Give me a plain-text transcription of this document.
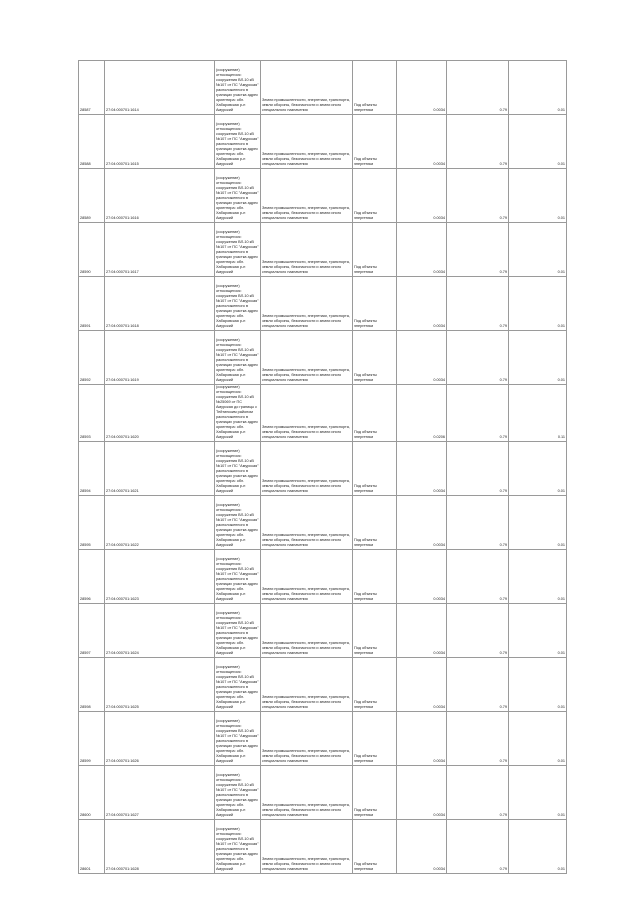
28587	27:04:000701:1614	(сооружение) относящегося: сооружения ВЛ-10 кВ №107 от ПС "Амурская" расположенного в границах участка адрес ориентира: обл. Хабаровская р-н Амурский	Земли промышленности, энергетики, транспорта, земли обороны, безопасности и земли иного специального назначения	Под объекты энергетики	0.0034	0.79	0.01
28588	27:04:000701:1615	(сооружение) относящегося: сооружения ВЛ-10 кВ №107 от ПС "Амурская" расположенного в границах участка адрес ориентира: обл. Хабаровская р-н Амурский	Земли промышленности, энергетики, транспорта, земли обороны, безопасности и земли иного специального назначения	Под объекты энергетики	0.0034	0.79	0.01
28589	27:04:000701:1616	(сооружение) относящегося: сооружения ВЛ-10 кВ №107 от ПС "Амурская" расположенного в границах участка адрес ориентира: обл. Хабаровская р-н Амурский	Земли промышленности, энергетики, транспорта, земли обороны, безопасности и земли иного специального назначения	Под объекты энергетики	0.0034	0.79	0.01
28590	27:04:000701:1617	(сооружение) относящегося: сооружения ВЛ-10 кВ №107 от ПС "Амурская" расположенного в границах участка адрес ориентира: обл. Хабаровская р-н Амурский	Земли промышленности, энергетики, транспорта, земли обороны, безопасности и земли иного специального назначения	Под объекты энергетики	0.0034	0.79	0.01
28591	27:04:000701:1618	(сооружение) относящегося: сооружения ВЛ-10 кВ №107 от ПС "Амурская" расположенного в границах участка адрес ориентира: обл. Хабаровская р-н Амурский	Земли промышленности, энергетики, транспорта, земли обороны, безопасности и земли иного специального назначения	Под объекты энергетики	0.0034	0.79	0.01
28592	27:04:000701:1619	(сооружение) относящегося: сооружения ВЛ-10 кВ №107 от ПС "Амурская" расположенного в границах участка адрес ориентира: обл. Хабаровская р-н Амурский	Земли промышленности, энергетики, транспорта, земли обороны, безопасности и земли иного специального назначения	Под объекты энергетики	0.0034	0.79	0.01
28593	27:04:000701:1620	(сооружение) относящегося: сооружения ВЛ-10 кВ №25069 от ПС Амурская до границы с Тейтинским районом расположенного в границах участка адрес ориентира: обл. Хабаровская р-н Амурский	Земли промышленности, энергетики, транспорта, земли обороны, безопасности и земли иного специального назначения	Под объекты энергетики	0.0206	0.79	0.11
28594	27:04:000701:1621	(сооружение) относящегося: сооружения ВЛ-10 кВ №107 от ПС "Амурская" расположенного в границах участка адрес ориентира: обл. Хабаровская р-н Амурский	Земли промышленности, энергетики, транспорта, земли обороны, безопасности и земли иного специального назначения	Под объекты энергетики	0.0034	0.79	0.01
28595	27:04:000701:1622	(сооружение) относящегося: сооружения ВЛ-10 кВ №107 от ПС "Амурская" расположенного в границах участка адрес ориентира: обл. Хабаровская р-н Амурский	Земли промышленности, энергетики, транспорта, земли обороны, безопасности и земли иного специального назначения	Под объекты энергетики	0.0034	0.79	0.01
28596	27:04:000701:1623	(сооружение) относящегося: сооружения ВЛ-10 кВ №107 от ПС "Амурская" расположенного в границах участка адрес ориентира: обл. Хабаровская р-н Амурский	Земли промышленности, энергетики, транспорта, земли обороны, безопасности и земли иного специального назначения	Под объекты энергетики	0.0034	0.79	0.01
28597	27:04:000701:1624	(сооружение) относящегося: сооружения ВЛ-10 кВ №107 от ПС "Амурская" расположенного в границах участка адрес ориентира: обл. Хабаровская р-н Амурский	Земли промышленности, энергетики, транспорта, земли обороны, безопасности и земли иного специального назначения	Под объекты энергетики	0.0034	0.79	0.01
28598	27:04:000701:1625	(сооружение) относящегося: сооружения ВЛ-10 кВ №107 от ПС "Амурская" расположенного в границах участка адрес ориентира: обл. Хабаровская р-н Амурский	Земли промышленности, энергетики, транспорта, земли обороны, безопасности и земли иного специального назначения	Под объекты энергетики	0.0034	0.79	0.01
28599	27:04:000701:1626	(сооружение) относящегося: сооружения ВЛ-10 кВ №107 от ПС "Амурская" расположенного в границах участка адрес ориентира: обл. Хабаровская р-н Амурский	Земли промышленности, энергетики, транспорта, земли обороны, безопасности и земли иного специального назначения	Под объекты энергетики	0.0034	0.79	0.01
28600	27:04:000701:1627	(сооружение) относящегося: сооружения ВЛ-10 кВ №107 от ПС "Амурская" расположенного в границах участка адрес ориентира: обл. Хабаровская р-н Амурский	Земли промышленности, энергетики, транспорта, земли обороны, безопасности и земли иного специального назначения	Под объекты энергетики	0.0034	0.79	0.01
28601	27:04:000701:1628	(сооружение) относящегося: сооружения ВЛ-10 кВ №107 от ПС "Амурская" расположенного в границах участка адрес ориентира: обл. Хабаровская р-н Амурский	Земли промышленности, энергетики, транспорта, земли обороны, безопасности и земли иного специального назначения	Под объекты энергетики	0.0034	0.79	0.01
